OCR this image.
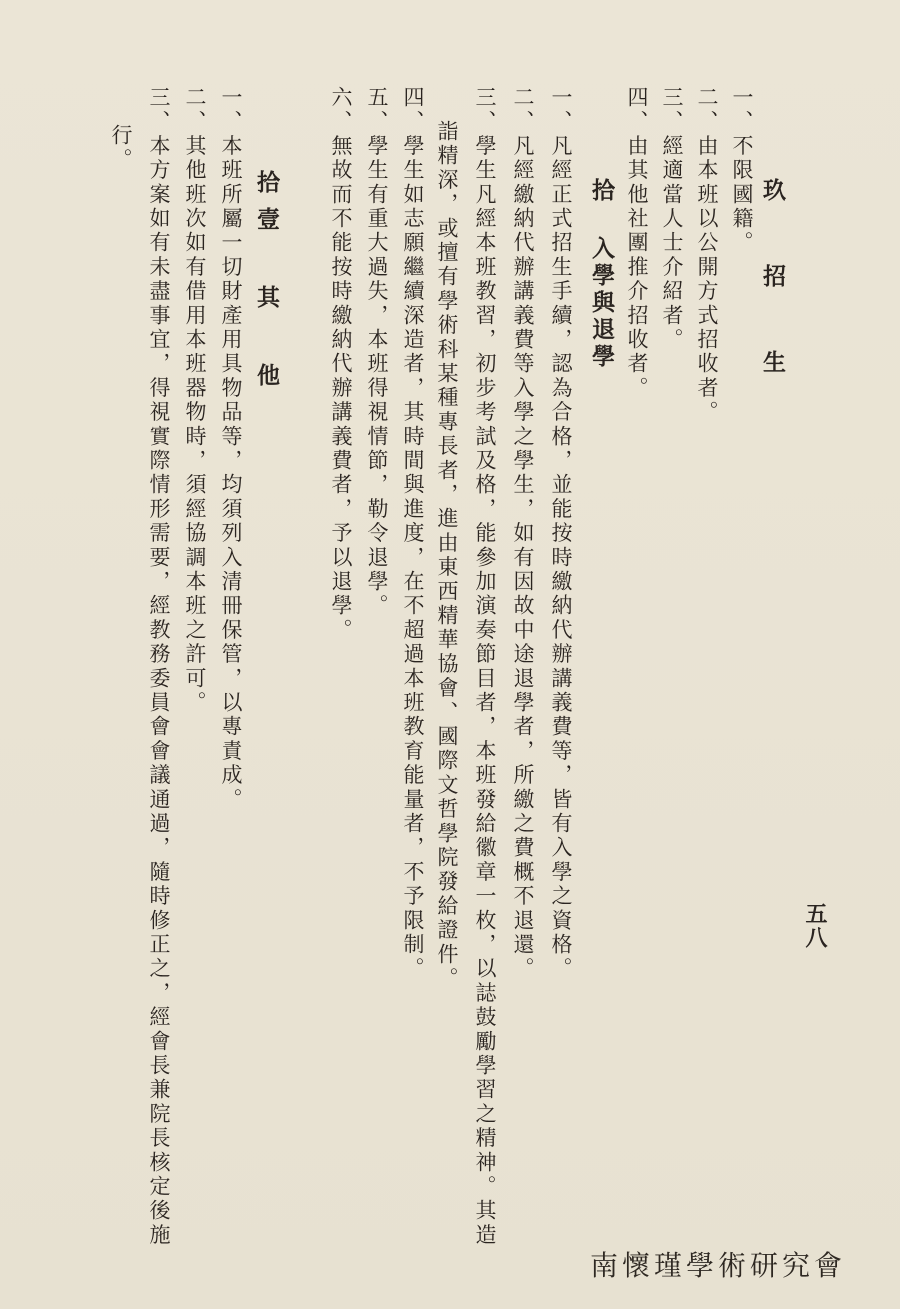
玖 招 生
一、不限國籍。
二、由本班以公開方式招收者。
三、經適當人士介紹者。
四、由其他社團推介招收者。
拾 入學與退學
一、凡經正式招生手續，認為合格，並能按時繳納代辦講義費等，皆有入學之資格。
二、凡經繳納代辦講義費等入學之學生，如有因故中途退學者，所繳之費概不退還。
三、學生凡經本班教習，初步考試及格，能參加演奏節目者，本班發給徽章一枚，以誌鼓勵學習之精神。其造
詣精深，或擅有學術科某種專長者，進由東西精華協會、國際文哲學院發給證件。
四、學生如志願繼續深造者，其時間與進度，在不超過本班教育能量者，不予限制。
五、學生有重大過失，本班得視情節，勒令退學。
六、無故而不能按時繳納代辦講義費者，予以退學。
拾壹 其 他
一、本班所屬一切財產用具物品等，均須列入清冊保管，以專責成。
二、其他班次如有借用本班器物時，須經協調本班之許可。
三、本方案如有未盡事宜，得視實際情形需要，經教務委員會會議通過，隨時修正之，經會長兼院長核定後施
行。
五八
南懷瑾學術研究會
